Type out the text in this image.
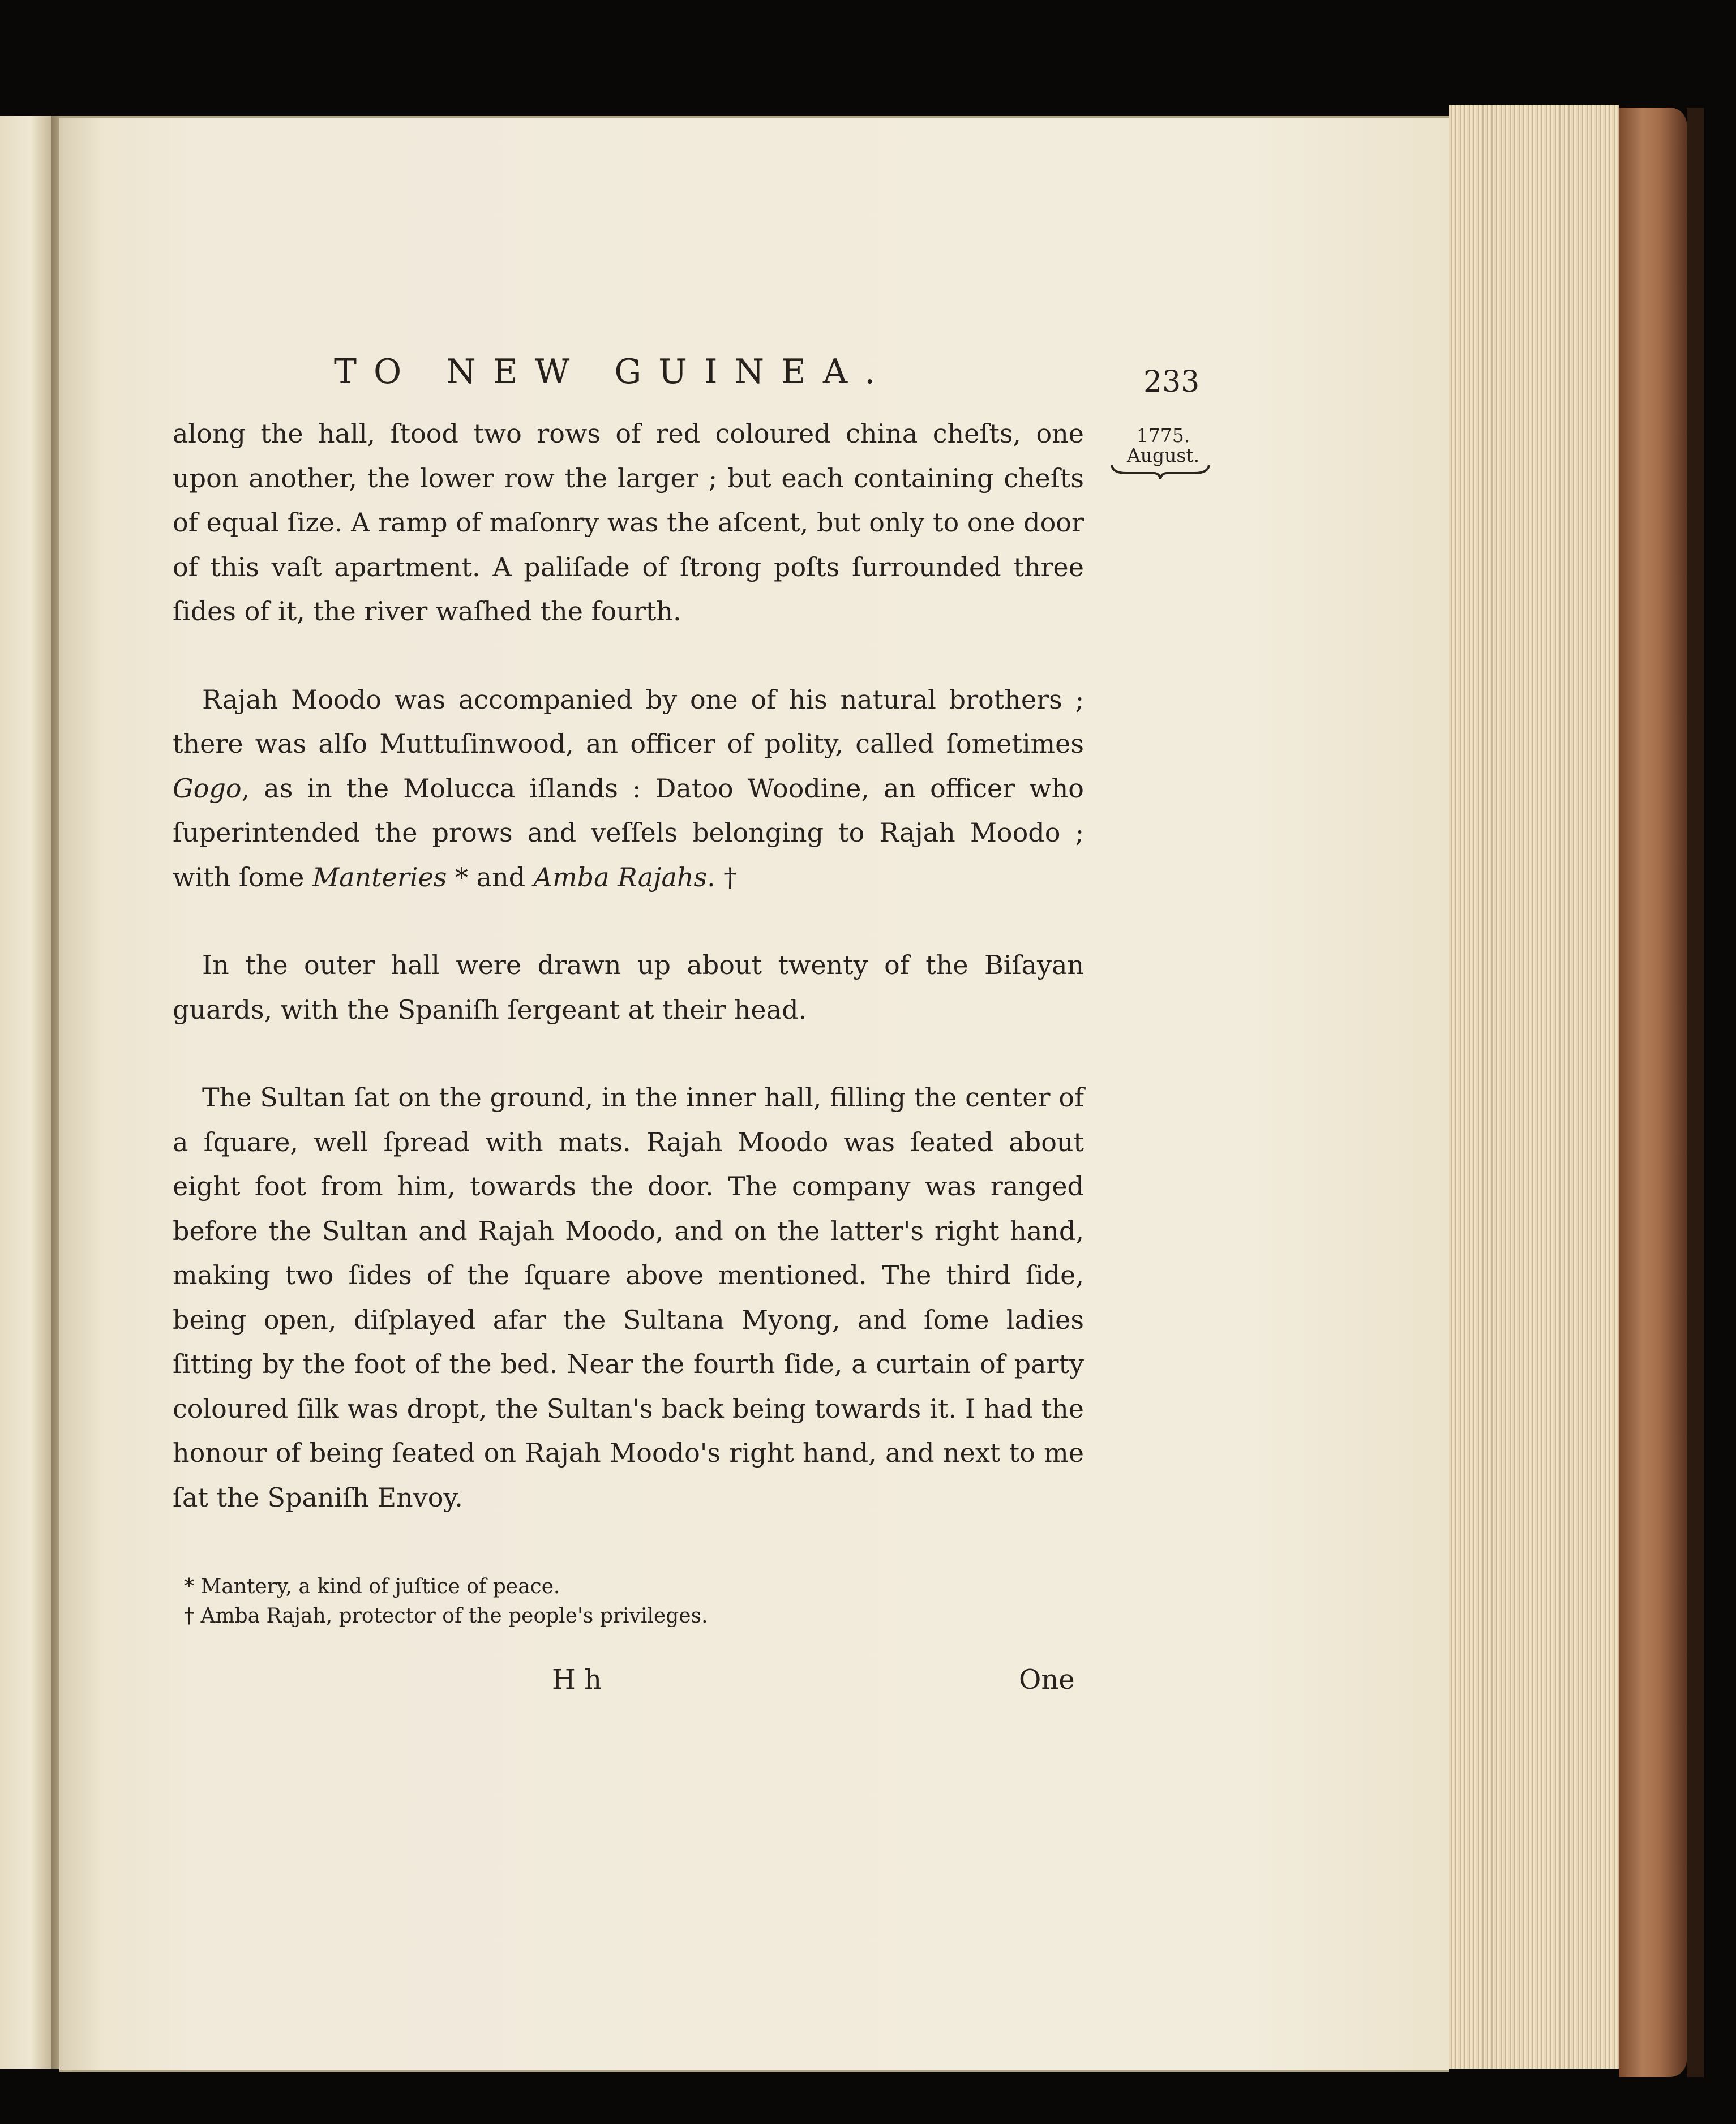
TO NEW GUINEA.	233
1775.
August.

along the hall, ſtood two rows of red coloured china cheſts, one upon another, the lower row the larger ; but each containing cheſts of equal ſize. A ramp of maſonry was the aſcent, but only to one door of this vaſt apartment. A paliſade of ſtrong poſts ſurrounded three ſides of it, the river waſhed the fourth.

Rajah Moodo was accompanied by one of his natural brothers ; there was alſo Muttuſinwood, an officer of polity, called ſometimes Gogo, as in the Molucca iſlands : Datoo Woodine, an officer who ſuperintended the prows and veſſels belonging to Rajah Moodo ; with ſome Manteries * and Amba Rajahs. †

In the outer hall were drawn up about twenty of the Biſayan guards, with the Spaniſh ſergeant at their head.

The Sultan ſat on the ground, in the inner hall, filling the center of a ſquare, well ſpread with mats. Rajah Moodo was ſeated about eight foot from him, towards the door. The company was ranged before the Sultan and Rajah Moodo, and on the latter's right hand, making two ſides of the ſquare above mentioned. The third ſide, being open, diſplayed afar the Sultana Myong, and ſome ladies ſitting by the foot of the bed. Near the fourth ſide, a curtain of party coloured ſilk was dropt, the Sultan's back being towards it. I had the honour of being ſeated on Rajah Moodo's right hand, and next to me ſat the Spaniſh Envoy.

* Mantery, a kind of juſtice of peace.

† Amba Rajah, protector of the people's privileges.

H h	One
